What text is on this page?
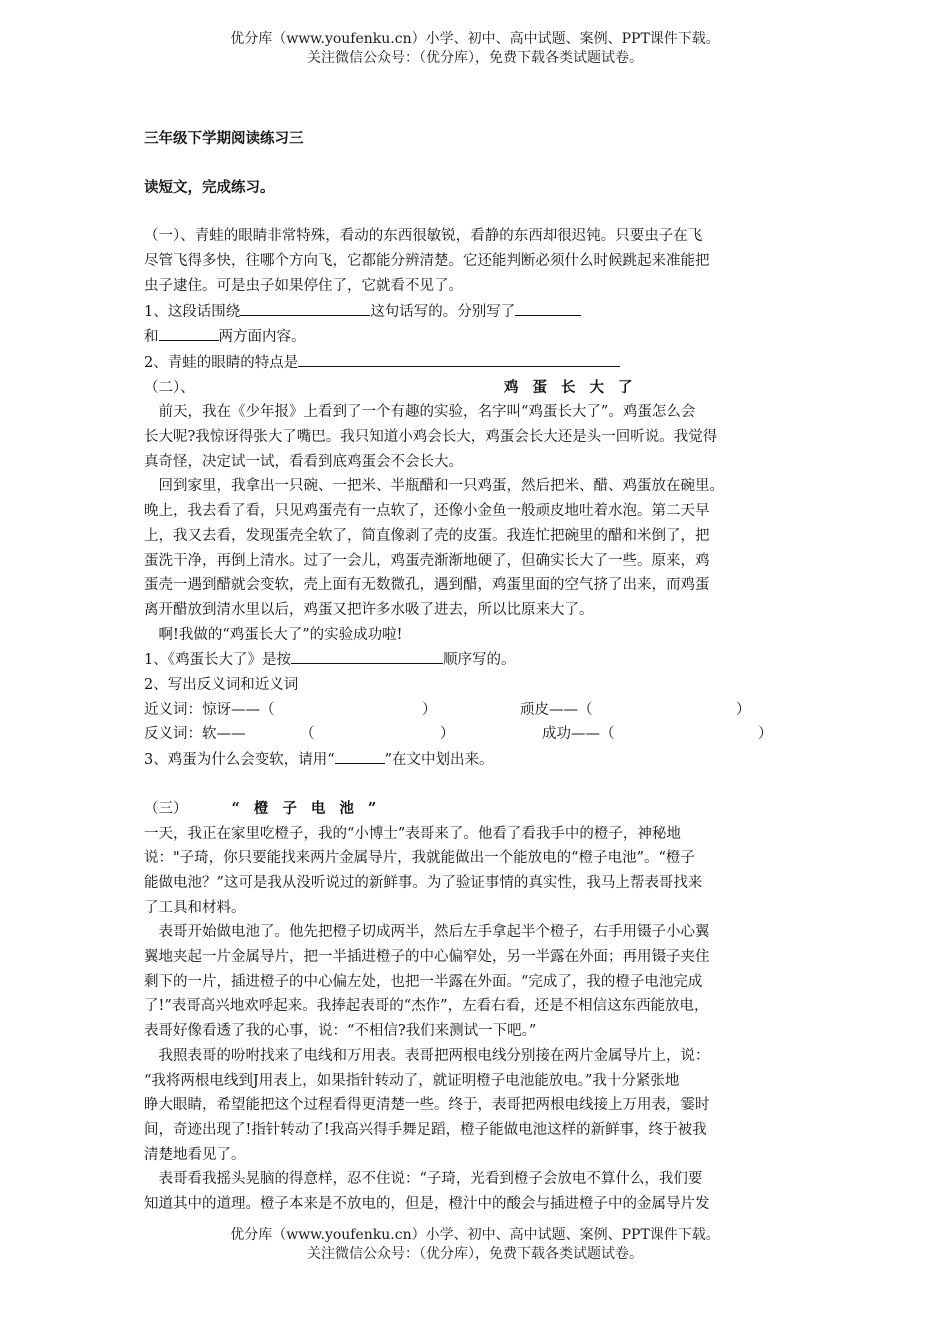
优分库（www.youfenku.cn）小学、初中、高中试题、案例、PPT课件下载。
关注微信公众号：（优分库），免费下载各类试题试卷。
三年级下学期阅读练习三
读短文，完成练习。
（一）、青蛙的眼睛非常特殊，看动的东西很敏锐，看静的东西却很迟钝。只要虫子在飞
尽管飞得多快，往哪个方向飞，它都能分辨清楚。它还能判断必须什么时候跳起来准能把
虫子逮住。可是虫子如果停住了，它就看不见了。
1、这段话围绕	这句话写的。分别写了
和	两方面内容。
2、青蛙的眼睛的特点是
（二）、	鸡蛋长大了
　前天，我在《少年报》上看到了一个有趣的实验，名字叫“鸡蛋长大了”。鸡蛋怎么会
长大呢?我惊讶得张大了嘴巴。我只知道小鸡会长大，鸡蛋会长大还是头一回听说。我觉得
真奇怪，决定试一试，看看到底鸡蛋会不会长大。
　回到家里，我拿出一只碗、一把米、半瓶醋和一只鸡蛋，然后把米、醋、鸡蛋放在碗里。
晚上，我去看了看，只见鸡蛋壳有一点软了，还像小金鱼一般顽皮地吐着水泡。第二天早
上，我又去看，发现蛋壳全软了，简直像剥了壳的皮蛋。我连忙把碗里的醋和米倒了，把
蛋洗干净，再倒上清水。过了一会儿，鸡蛋壳渐渐地硬了，但确实长大了一些。原来，鸡
蛋壳一遇到醋就会变软，壳上面有无数微孔，遇到醋，鸡蛋里面的空气挤了出来，而鸡蛋
离开醋放到清水里以后，鸡蛋又把许多水吸了进去，所以比原来大了。
　啊!我做的“鸡蛋长大了”的实验成功啦!
1、《鸡蛋长大了》是按	顺序写的。
2、写出反义词和近义词
近义词：惊讶——（	）	顽皮——（	）
反义词：软——	（	）	成功——（	）
3、鸡蛋为什么会变软，请用“	”在文中划出来。
（三）	“橙子电池”
一天，我正在家里吃橙子，我的“小博士”表哥来了。他看了看我手中的橙子，神秘地
说："子琦，你只要能找来两片金属导片，我就能做出一个能放电的“橙子电池”。“橙子
能做电池？”这可是我从没听说过的新鲜事。为了验证事情的真实性，我马上帮表哥找来
了工具和材料。
　表哥开始做电池了。他先把橙子切成两半，然后左手拿起半个橙子，右手用镊子小心翼
翼地夹起一片金属导片，把一半插进橙子的中心偏窄处，另一半露在外面；再用镊子夹住
剩下的一片，插进橙子的中心偏左处，也把一半露在外面。“完成了，我的橙子电池完成
了!”表哥高兴地欢呼起来。我捧起表哥的“杰作”，左看右看，还是不相信这东西能放电，
表哥好像看透了我的心事，说：“不相信?我们来测试一下吧。”
　我照表哥的吩咐找来了电线和万用表。表哥把两根电线分别接在两片金属导片上，说：
“我将两根电线到J用表上，如果指针转动了，就证明橙子电池能放电。”我十分紧张地
睁大眼睛，希望能把这个过程看得更清楚一些。终于，表哥把两根电线接上万用表，霎时
间，奇迹出现了!指针转动了!我高兴得手舞足蹈，橙子能做电池这样的新鲜事，终于被我
清楚地看见了。
　表哥看我摇头晃脑的得意样，忍不住说：“子琦，光看到橙子会放电不算什么，我们要
知道其中的道理。橙子本来是不放电的，但是，橙汁中的酸会与插进橙子中的金属导片发
优分库（www.youfenku.cn）小学、初中、高中试题、案例、PPT课件下载。
关注微信公众号：（优分库），免费下载各类试题试卷。
